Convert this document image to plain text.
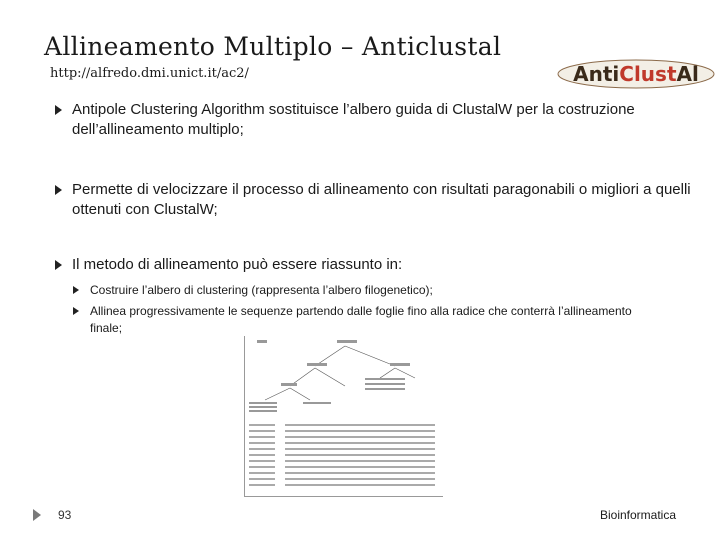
Allineamento Multiplo – Anticlustal
http://alfredo.dmi.unict.it/ac2/	AntiClustAl
Antipole Clustering Algorithm sostituisce l’albero guida di ClustalW per la costruzione dell’allineamento multiplo;
Permette di velocizzare il processo di allineamento con risultati paragonabili o migliori a quelli ottenuti con ClustalW;
Il metodo di allineamento può essere riassunto in:
Costruire l’albero di clustering (rappresenta l’albero filogenetico);
Allinea progressivamente le sequenze partendo dalle foglie fino alla radice che conterrà l’allineamento finale;
93	Bioinformatica
